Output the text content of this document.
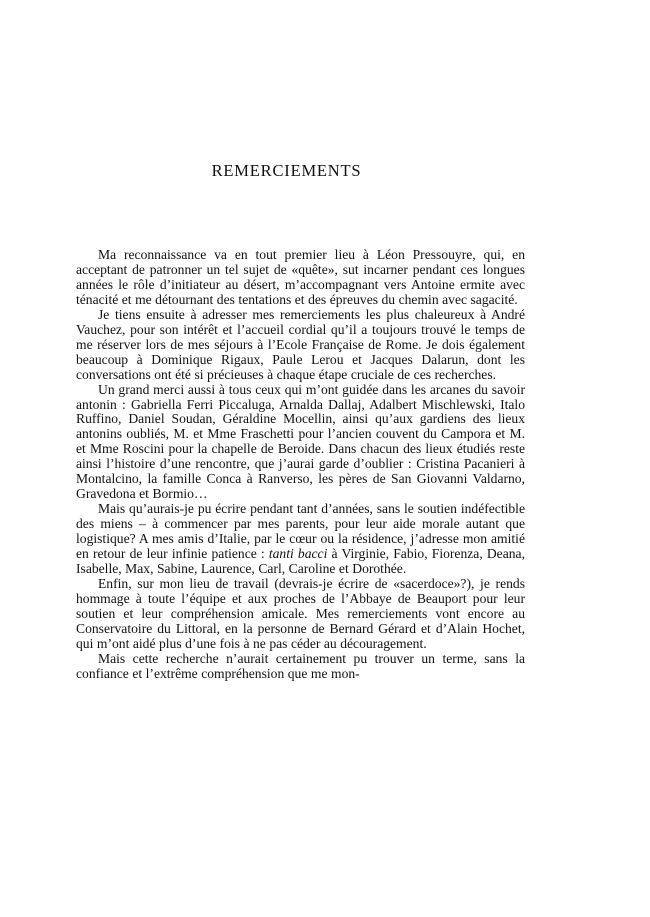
REMERCIEMENTS

Ma reconnaissance va en tout premier lieu à Léon Pressouyre, qui, en acceptant de patronner un tel sujet de «quête», sut incarner pendant ces longues années le rôle d’initiateur au désert, m’accompagnant vers Antoine ermite avec ténacité et me détournant des tentations et des épreuves du chemin avec sagacité.

Je tiens ensuite à adresser mes remerciements les plus chaleureux à André Vauchez, pour son intérêt et l’accueil cordial qu’il a toujours trouvé le temps de me réserver lors de mes séjours à l’Ecole Française de Rome. Je dois également beaucoup à Dominique Rigaux, Paule Lerou et Jacques Dalarun, dont les conversations ont été si précieuses à chaque étape cruciale de ces recherches.

Un grand merci aussi à tous ceux qui m’ont guidée dans les arcanes du savoir antonin : Gabriella Ferri Piccaluga, Arnalda Dallaj, Adalbert Mischlewski, Italo Ruffino, Daniel Soudan, Géraldine Mocellin, ainsi qu’aux gardiens des lieux antonins oubliés, M. et Mme Fraschetti pour l’ancien couvent du Campora et M. et Mme Roscini pour la chapelle de Beroide. Dans chacun des lieux étudiés reste ainsi l’histoire d’une rencontre, que j’aurai garde d’oublier : Cristina Pacanieri à Montalcino, la famille Conca à Ranverso, les pères de San Giovanni Valdarno, Gravedona et Bormio…

Mais qu’aurais-je pu écrire pendant tant d’années, sans le soutien indéfectible des miens – à commencer par mes parents, pour leur aide morale autant que logistique? A mes amis d’Italie, par le cœur ou la résidence, j’adresse mon amitié en retour de leur infinie patience : tanti bacci à Virginie, Fabio, Fiorenza, Deana, Isabelle, Max, Sabine, Laurence, Carl, Caroline et Dorothée.

Enfin, sur mon lieu de travail (devrais-je écrire de «sacerdoce»?), je rends hommage à toute l’équipe et aux proches de l’Abbaye de Beauport pour leur soutien et leur compréhension amicale. Mes remerciements vont encore au Conservatoire du Littoral, en la personne de Bernard Gérard et d’Alain Hochet, qui m’ont aidé plus d’une fois à ne pas céder au découragement.

Mais cette recherche n’aurait certainement pu trouver un terme, sans la confiance et l’extrême compréhension que me mon-
